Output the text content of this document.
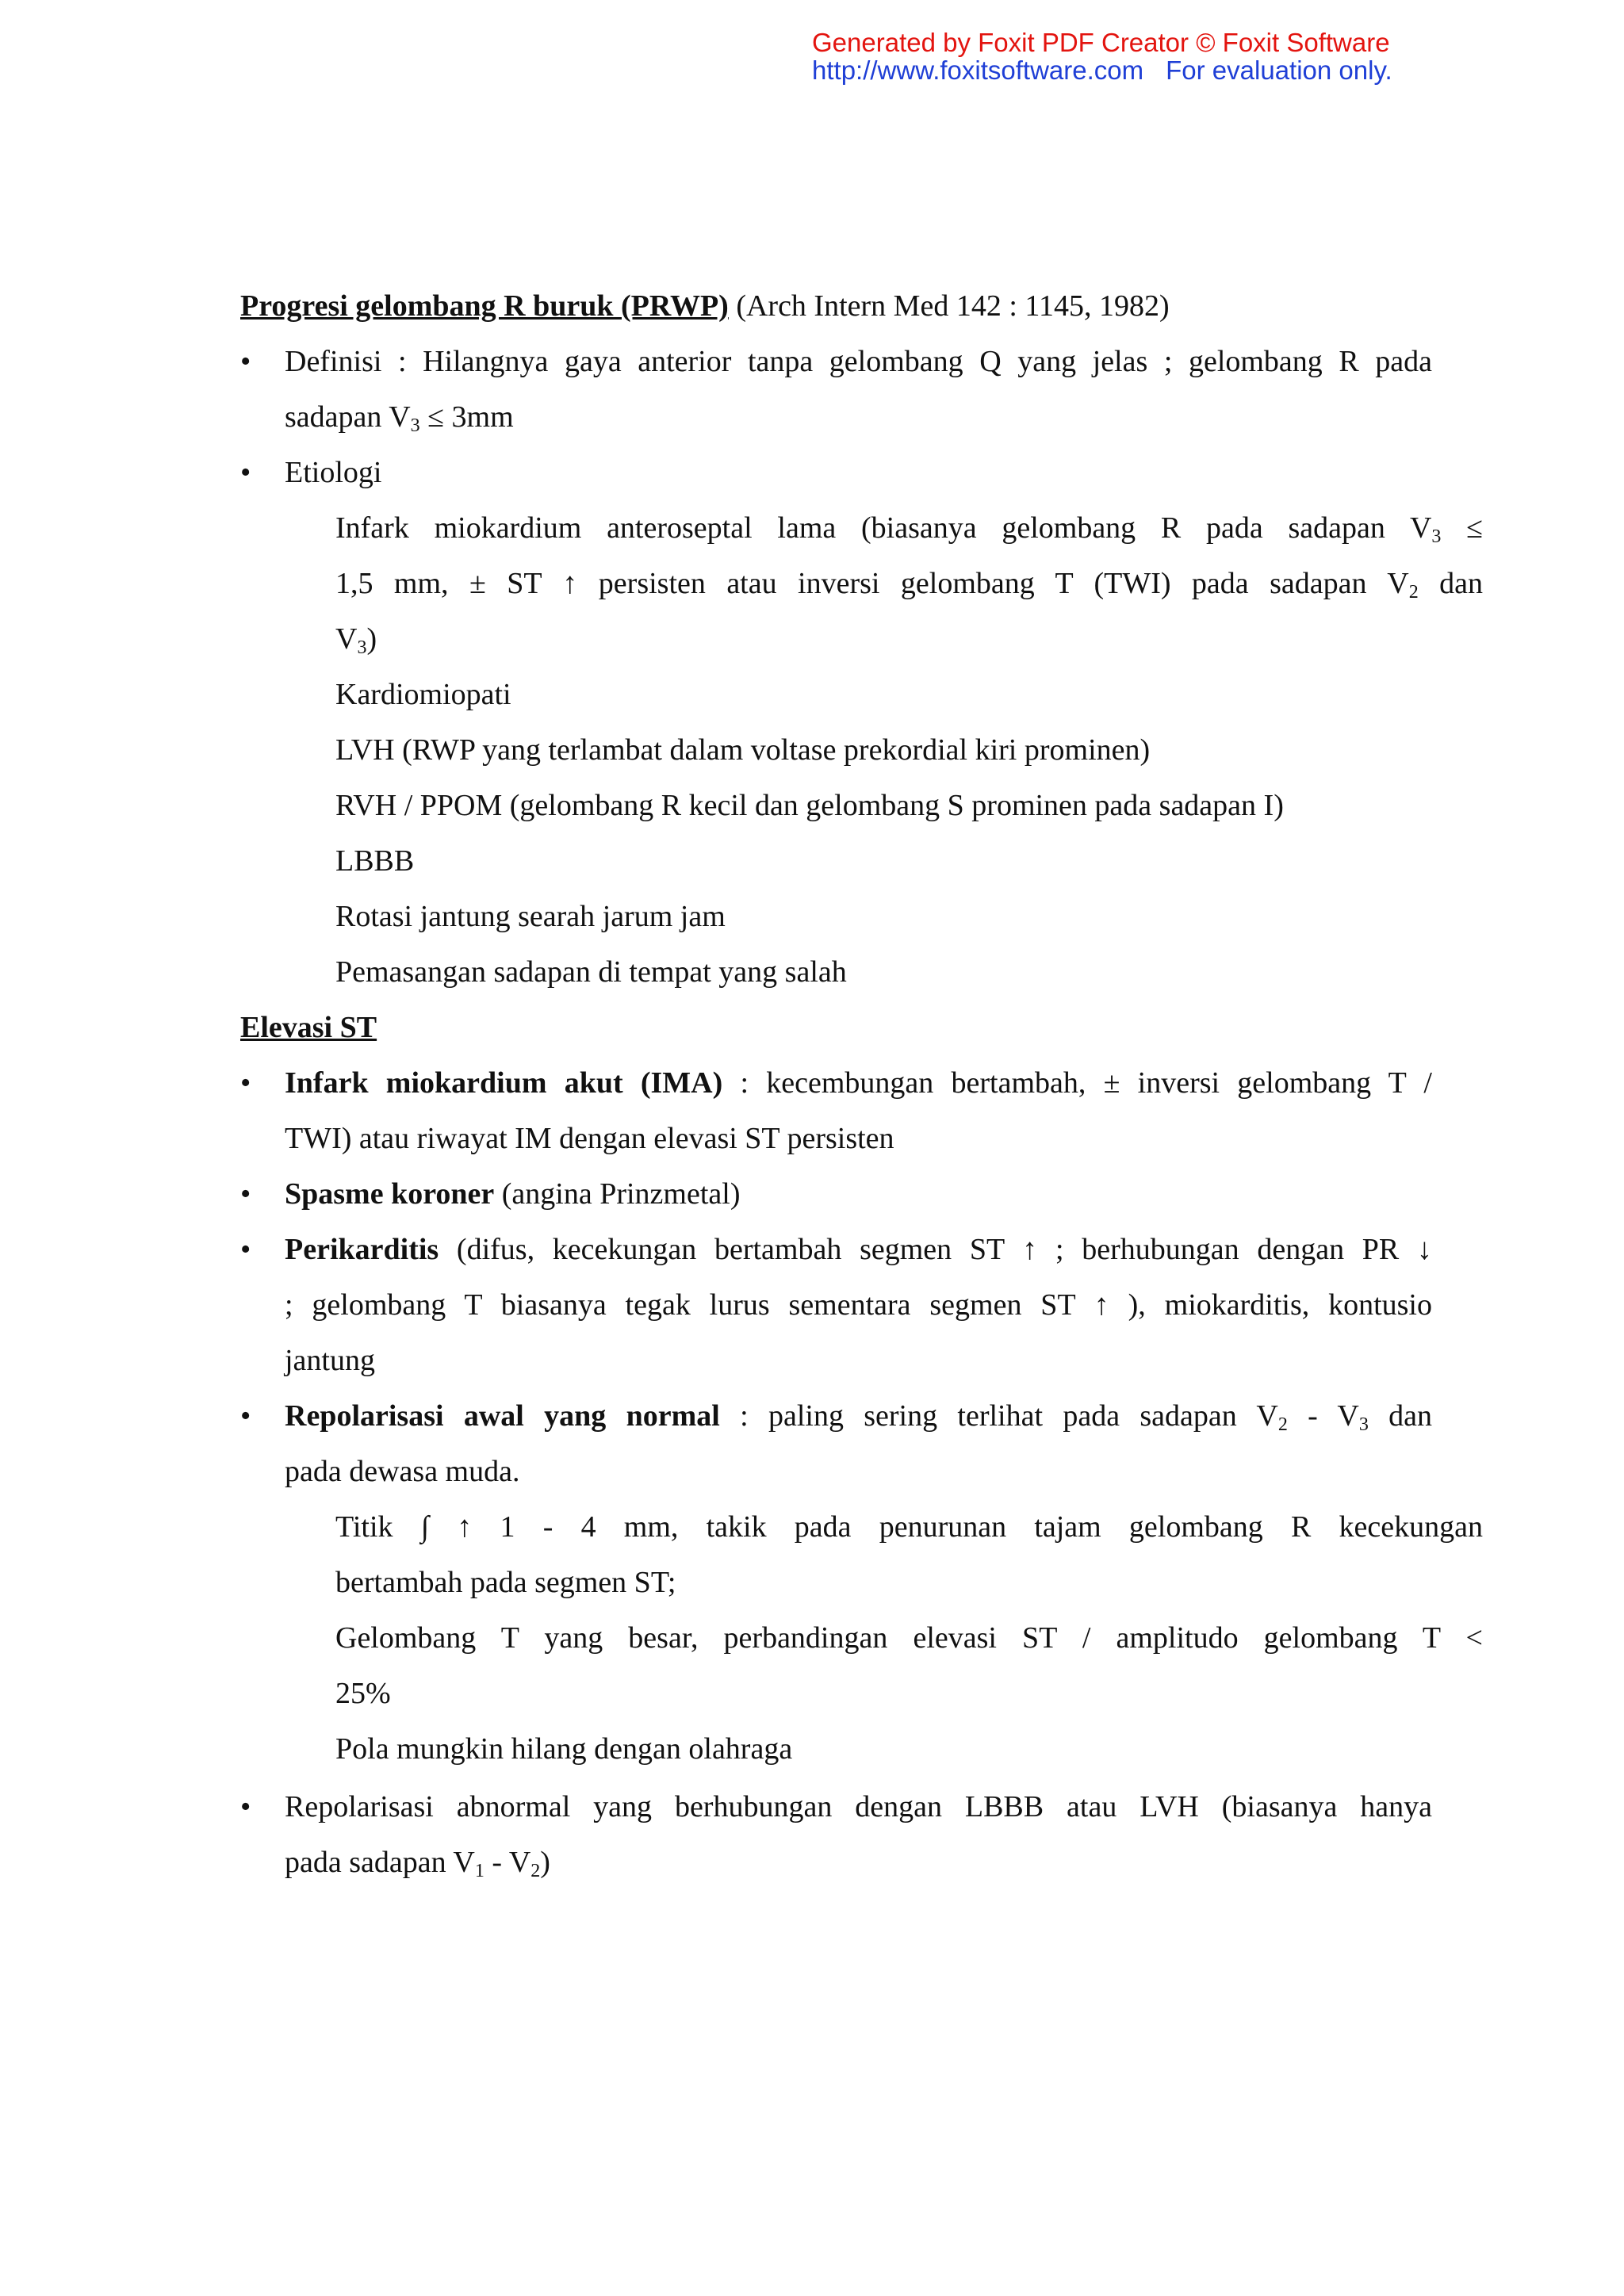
Generated by Foxit PDF Creator © Foxit Software
http://www.foxitsoftware.com For evaluation only.
Progresi gelombang R buruk (PRWP) (Arch Intern Med 142 : 1145, 1982)
• Definisi : Hilangnya gaya anterior tanpa gelombang Q yang jelas ; gelombang R pada
sadapan $V_3 \le 3mm$
• Etiologi
Infark miokardium anteroseptal lama (biasanya gelombang R pada sadapan $V_3$ ≤
1,5 mm, ± ST ↑ persisten atau inversi gelombang T (TWI) pada sadapan $V_2$ dan
$V_3$)
Kardiomiopati
LVH (RWP yang terlambat dalam voltase prekordial kiri prominen)
RVH / PPOM (gelombang R kecil dan gelombang S prominen pada sadapan I)
LBBB
Rotasi jantung searah jarum jam
Pemasangan sadapan di tempat yang salah
Elevasi ST
• Infark miokardium akut (IMA) : kecembungan bertambah, ± inversi gelombang T /
TWI) atau riwayat IM dengan elevasi ST persisten
• Spasme koroner (angina Prinzmetal)
• Perikarditis (difus, kecekungan bertambah segmen ST ↑ ; berhubungan dengan PR ↓
; gelombang T biasanya tegak lurus sementara segmen ST ↑ ), miokarditis, kontusio
jantung
• Repolarisasi awal yang normal : paling sering terlihat pada sadapan $V_2 - V_3$ dan
pada dewasa muda.
Titik ∫ ↑ 1 - 4 mm, takik pada penurunan tajam gelombang R kecekungan
bertambah pada segmen ST;
Gelombang T yang besar, perbandingan elevasi ST / amplitudo gelombang T <
25%
Pola mungkin hilang dengan olahraga
• Repolarisasi abnormal yang berhubungan dengan LBBB atau LVH (biasanya hanya
pada sadapan $V_1 - V_2$)
